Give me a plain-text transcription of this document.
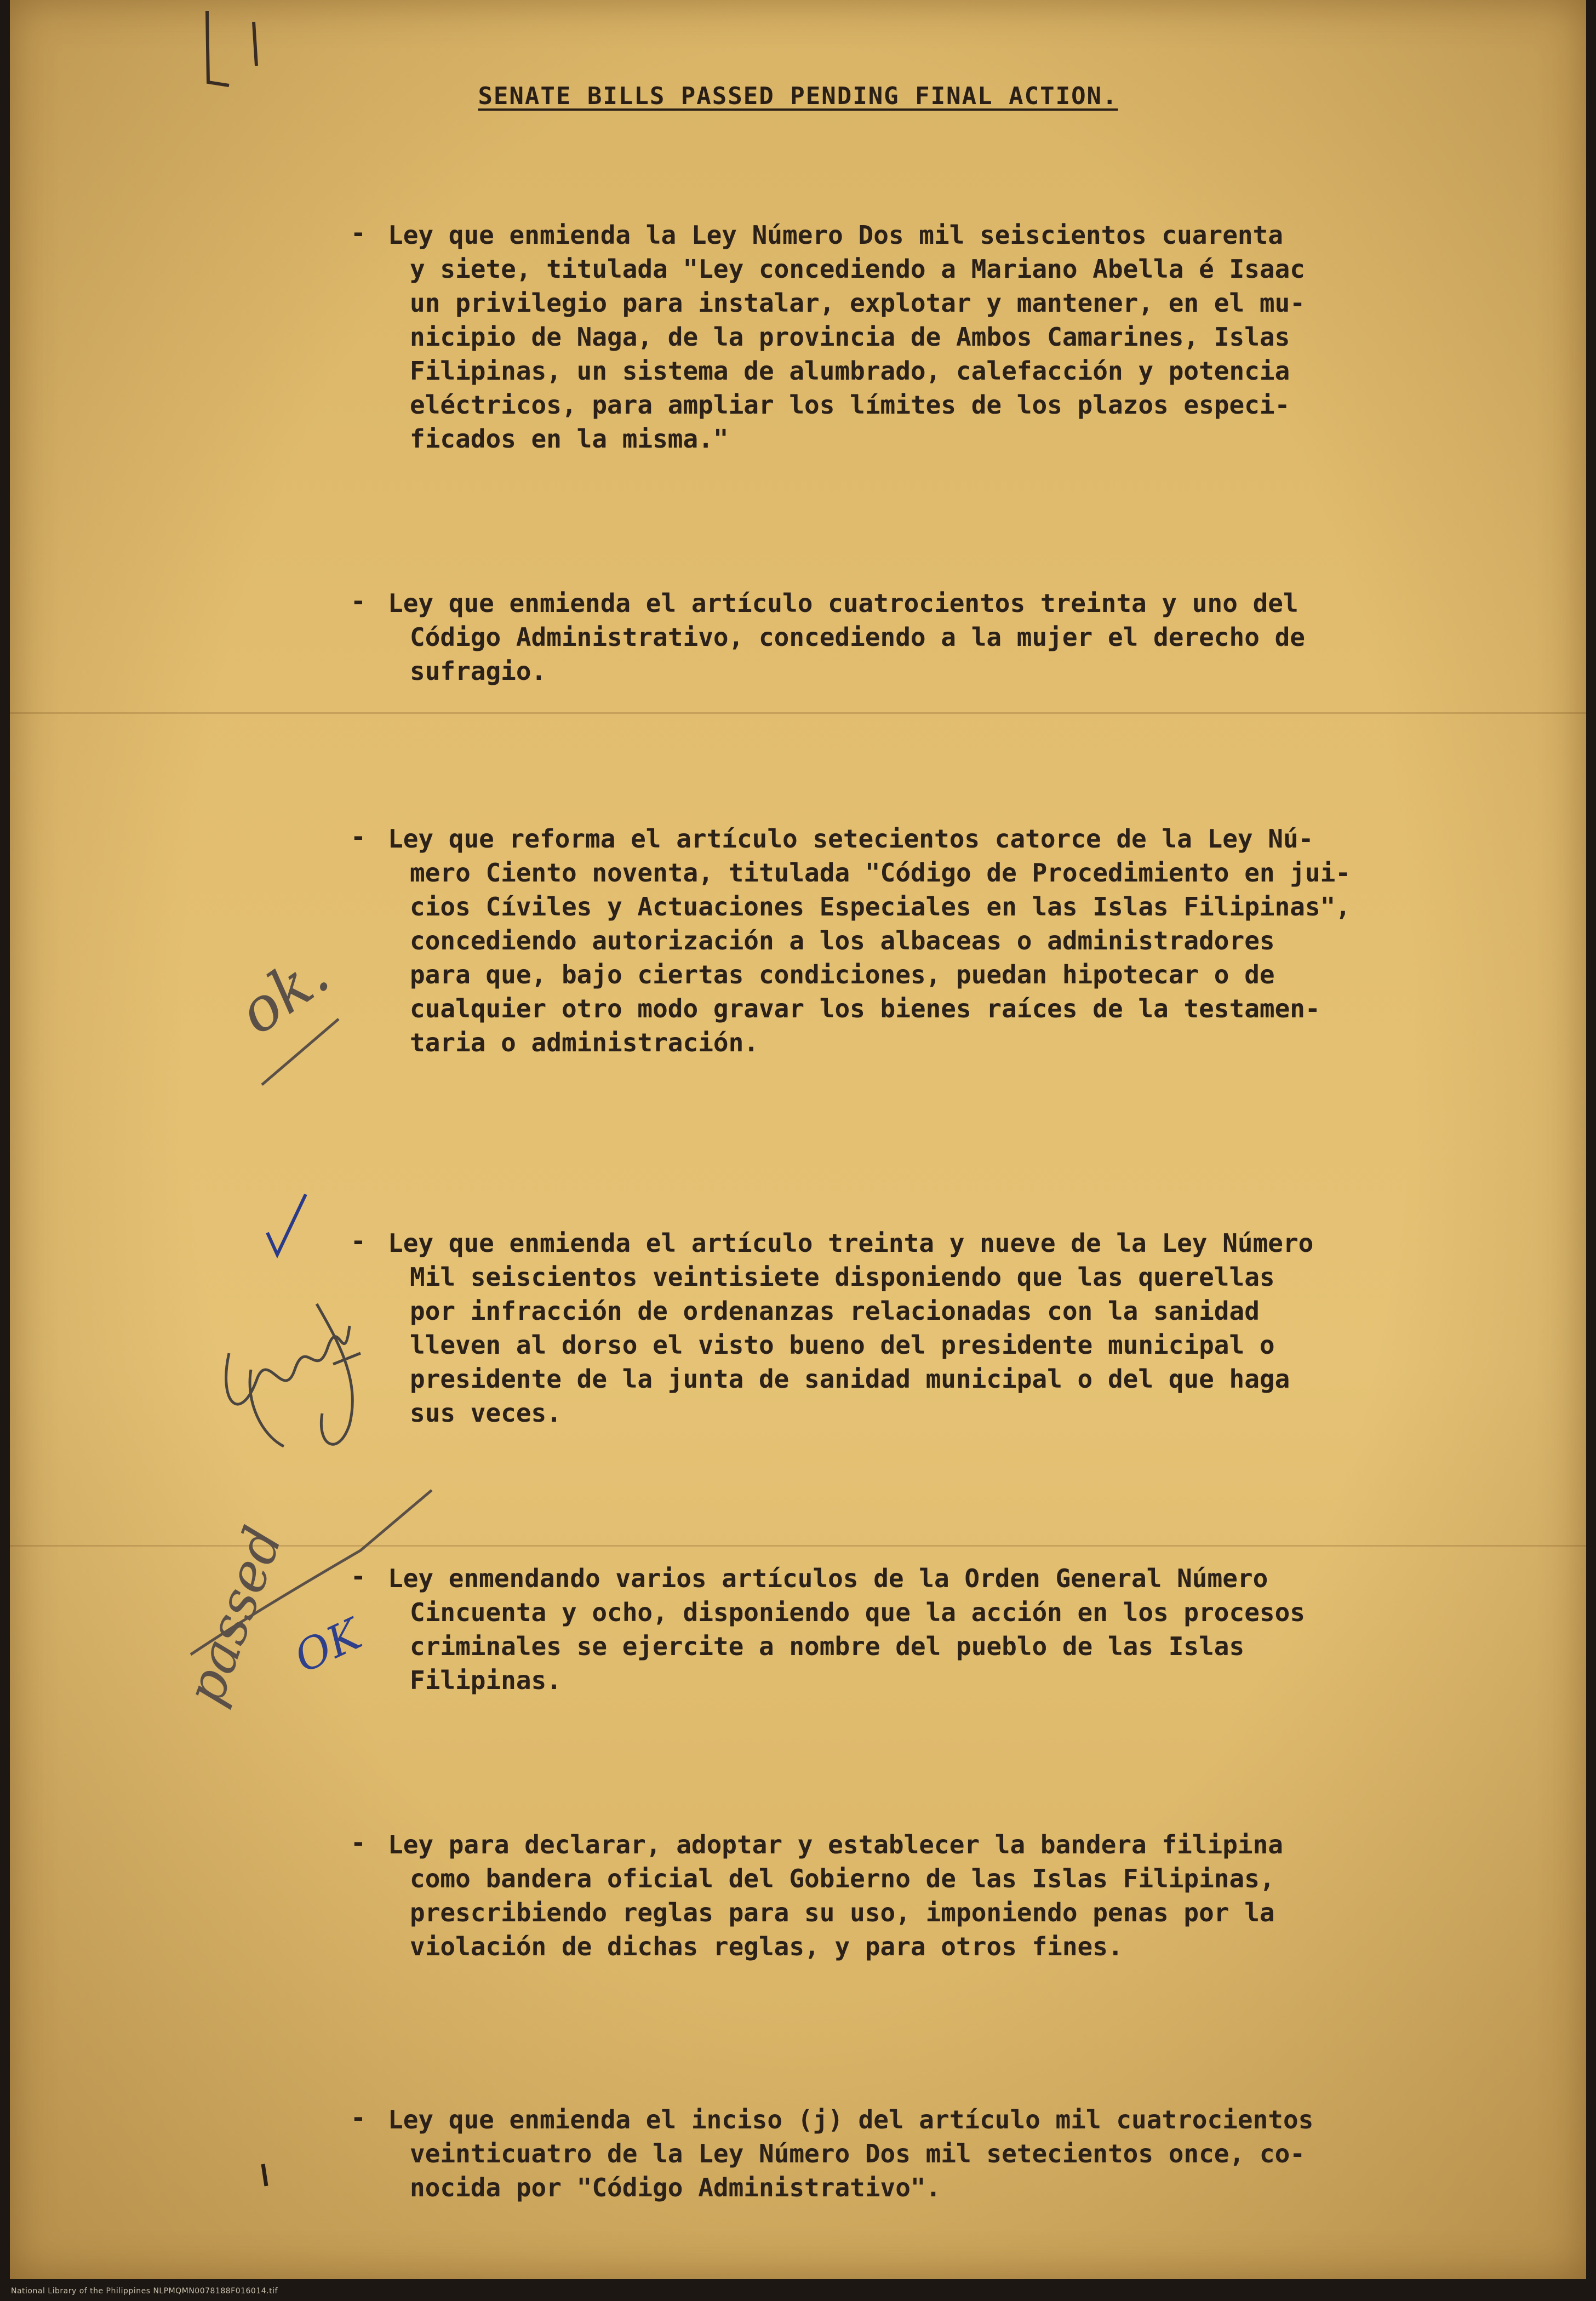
SENATE BILLS PASSED PENDING FINAL ACTION.
- Ley que enmienda la Ley Número Dos mil seiscientos cuarenta
y siete, titulada "Ley concediendo a Mariano Abella é Isaac
un privilegio para instalar, explotar y mantener, en el mu-
nicipio de Naga, de la provincia de Ambos Camarines, Islas
Filipinas, un sistema de alumbrado, calefacción y potencia
eléctricos, para ampliar los límites de los plazos especi-
ficados en la misma."
- Ley que enmienda el artículo cuatrocientos treinta y uno del
Código Administrativo, concediendo a la mujer el derecho de
sufragio.
- Ley que reforma el artículo setecientos catorce de la Ley Nú-
mero Ciento noventa, titulada "Código de Procedimiento en jui-
cios Cíviles y Actuaciones Especiales en las Islas Filipinas",
concediendo autorización a los albaceas o administradores
para que, bajo ciertas condiciones, puedan hipotecar o de
cualquier otro modo gravar los bienes raíces de la testamen-
taria o administración.
- Ley que enmienda el artículo treinta y nueve de la Ley Número
Mil seiscientos veintisiete disponiendo que las querellas
por infracción de ordenanzas relacionadas con la sanidad
lleven al dorso el visto bueno del presidente municipal o
presidente de la junta de sanidad municipal o del que haga
sus veces.
- Ley enmendando varios artículos de la Orden General Número
Cincuenta y ocho, disponiendo que la acción en los procesos
criminales se ejercite a nombre del pueblo de las Islas
Filipinas.
- Ley para declarar, adoptar y establecer la bandera filipina
como bandera oficial del Gobierno de las Islas Filipinas,
prescribiendo reglas para su uso, imponiendo penas por la
violación de dichas reglas, y para otros fines.
- Ley que enmienda el inciso (j) del artículo mil cuatrocientos
veinticuatro de la Ley Número Dos mil setecientos once, co-
nocida por "Código Administrativo".
ok.
passed
OK
National Library of the Philippines NLPMQMN0078188F016014.tif
